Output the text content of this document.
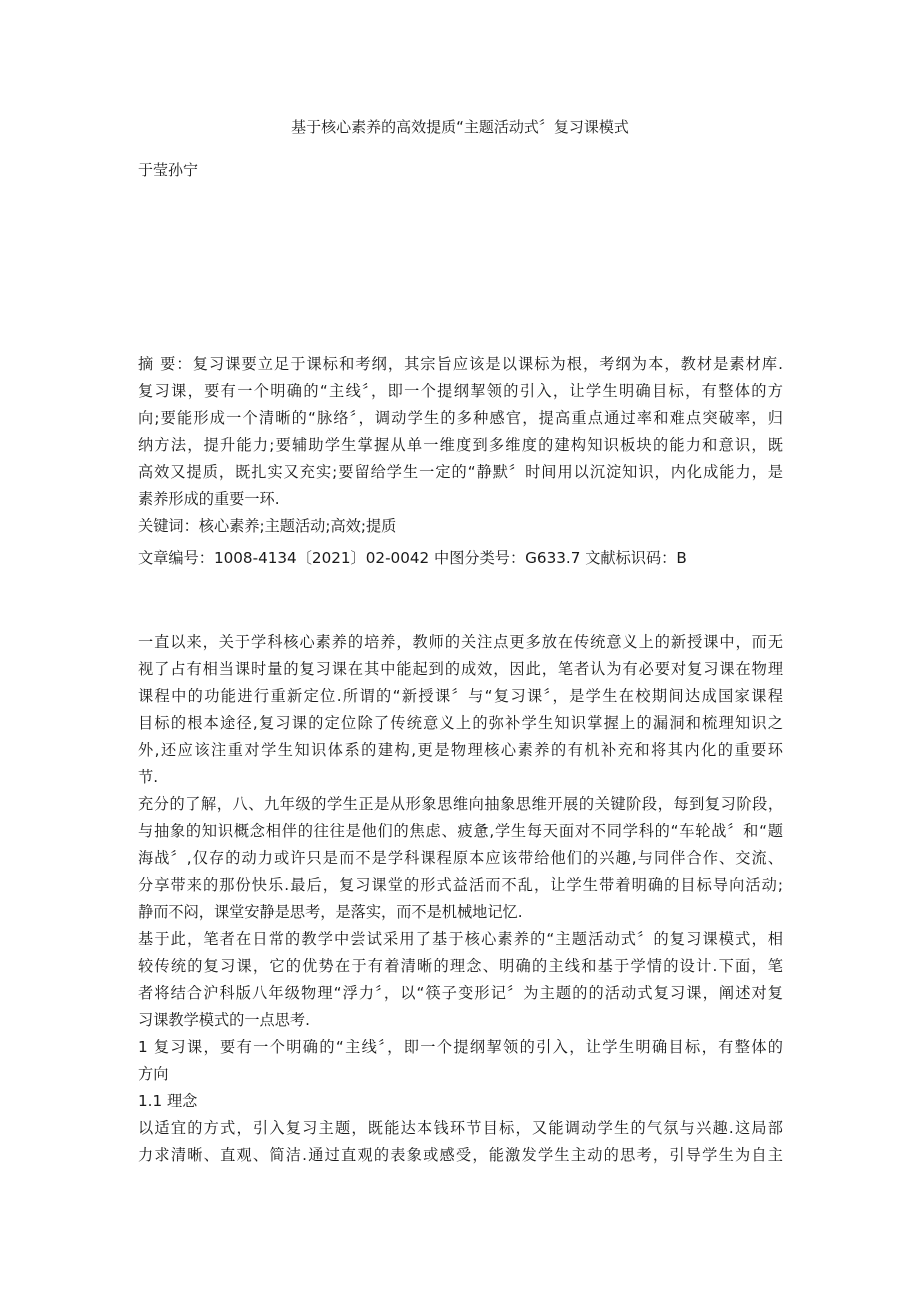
基于核心素养的高效提质“主题活动式〞复习课模式
于莹孙宁
摘 要：复习课要立足于课标和考纲，其宗旨应该是以课标为根，考纲为本，教材是素材库.
复习课，要有一个明确的“主线〞，即一个提纲挈领的引入，让学生明确目标，有整体的方
向;要能形成一个清晰的“脉络〞，调动学生的多种感官，提高重点通过率和难点突破率，归
纳方法，提升能力;要辅助学生掌握从单一维度到多维度的建构知识板块的能力和意识，既
高效又提质，既扎实又充实;要留给学生一定的“静默〞时间用以沉淀知识，内化成能力，是
素养形成的重要一环.
关键词：核心素养;主题活动;高效;提质
文章编号：1008-4134〔2021〕02-0042 中图分类号：G633.7 文献标识码：B
一直以来，关于学科核心素养的培养，教师的关注点更多放在传统意义上的新授课中，而无
视了占有相当课时量的复习课在其中能起到的成效，因此，笔者认为有必要对复习课在物理
课程中的功能进行重新定位.所谓的“新授课〞与“复习课〞，是学生在校期间达成国家课程
目标的根本途径,复习课的定位除了传统意义上的弥补学生知识掌握上的漏洞和梳理知识之
外,还应该注重对学生知识体系的建构,更是物理核心素养的有机补充和将其内化的重要环
节.
充分的了解，八、九年级的学生正是从形象思维向抽象思维开展的关键阶段，每到复习阶段，
与抽象的知识概念相伴的往往是他们的焦虑、疲惫,学生每天面对不同学科的“车轮战〞和“题
海战〞,仅存的动力或许只是而不是学科课程原本应该带给他们的兴趣,与同伴合作、交流、
分享带来的那份快乐.最后，复习课堂的形式益活而不乱，让学生带着明确的目标导向活动;
静而不闷，课堂安静是思考，是落实，而不是机械地记忆.
基于此，笔者在日常的教学中尝试采用了基于核心素养的“主题活动式〞的复习课模式，相
较传统的复习课，它的优势在于有着清晰的理念、明确的主线和基于学情的设计.下面，笔
者将结合沪科版八年级物理“浮力〞，以“筷子变形记〞为主题的的活动式复习课，阐述对复
习课教学模式的一点思考.
1 复习课，要有一个明确的“主线〞，即一个提纲挈领的引入，让学生明确目标，有整体的
方向
1.1 理念
以适宜的方式，引入复习主题，既能达本钱环节目标，又能调动学生的气氛与兴趣.这局部
力求清晰、直观、简洁.通过直观的表象或感受，能激发学生主动的思考，引导学生为自主
